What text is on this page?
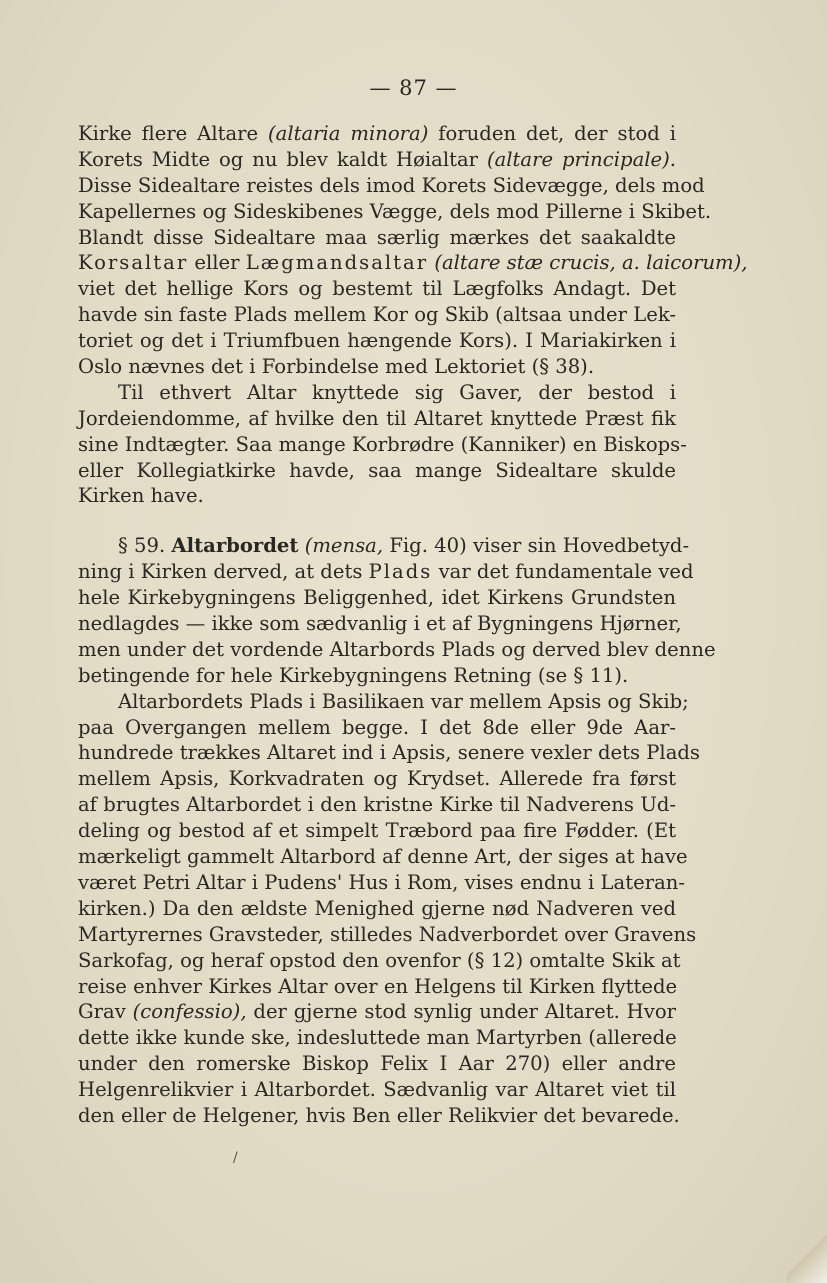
— 87 —
Kirke flere Altare (altaria minora) foruden det, der stod i
Korets Midte og nu blev kaldt Høialtar (altare principale).
Disse Sidealtare reistes dels imod Korets Sidevægge, dels mod
Kapellernes og Sideskibenes Vægge, dels mod Pillerne i Skibet.
Blandt disse Sidealtare maa særlig mærkes det saakaldte
Korsaltar eller Lægmandsaltar (altare stæ crucis, a. laicorum),
viet det hellige Kors og bestemt til Lægfolks Andagt. Det
havde sin faste Plads mellem Kor og Skib (altsaa under Lek-
toriet og det i Triumfbuen hængende Kors). I Mariakirken i
Oslo nævnes det i Forbindelse med Lektoriet (§ 38).
Til ethvert Altar knyttede sig Gaver, der bestod i
Jordeiendomme, af hvilke den til Altaret knyttede Præst fik
sine Indtægter. Saa mange Korbrødre (Kanniker) en Biskops-
eller Kollegiatkirke havde, saa mange Sidealtare skulde
Kirken have.
§ 59. Altarbordet (mensa, Fig. 40) viser sin Hovedbetyd-
ning i Kirken derved, at dets Plads var det fundamentale ved
hele Kirkebygningens Beliggenhed, idet Kirkens Grundsten
nedlagdes — ikke som sædvanlig i et af Bygningens Hjørner,
men under det vordende Altarbords Plads og derved blev denne
betingende for hele Kirkebygningens Retning (se § 11).
Altarbordets Plads i Basilikaen var mellem Apsis og Skib;
paa Overgangen mellem begge. I det 8de eller 9de Aar-
hundrede trækkes Altaret ind i Apsis, senere vexler dets Plads
mellem Apsis, Korkvadraten og Krydset. Allerede fra først
af brugtes Altarbordet i den kristne Kirke til Nadverens Ud-
deling og bestod af et simpelt Træbord paa fire Fødder. (Et
mærkeligt gammelt Altarbord af denne Art, der siges at have
været Petri Altar i Pudens' Hus i Rom, vises endnu i Lateran-
kirken.) Da den ældste Menighed gjerne nød Nadveren ved
Martyrernes Gravsteder, stilledes Nadverbordet over Gravens
Sarkofag, og heraf opstod den ovenfor (§ 12) omtalte Skik at
reise enhver Kirkes Altar over en Helgens til Kirken flyttede
Grav (confessio), der gjerne stod synlig under Altaret. Hvor
dette ikke kunde ske, indesluttede man Martyrben (allerede
under den romerske Biskop Felix I Aar 270) eller andre
Helgenrelikvier i Altarbordet. Sædvanlig var Altaret viet til
den eller de Helgener, hvis Ben eller Relikvier det bevarede.
/
